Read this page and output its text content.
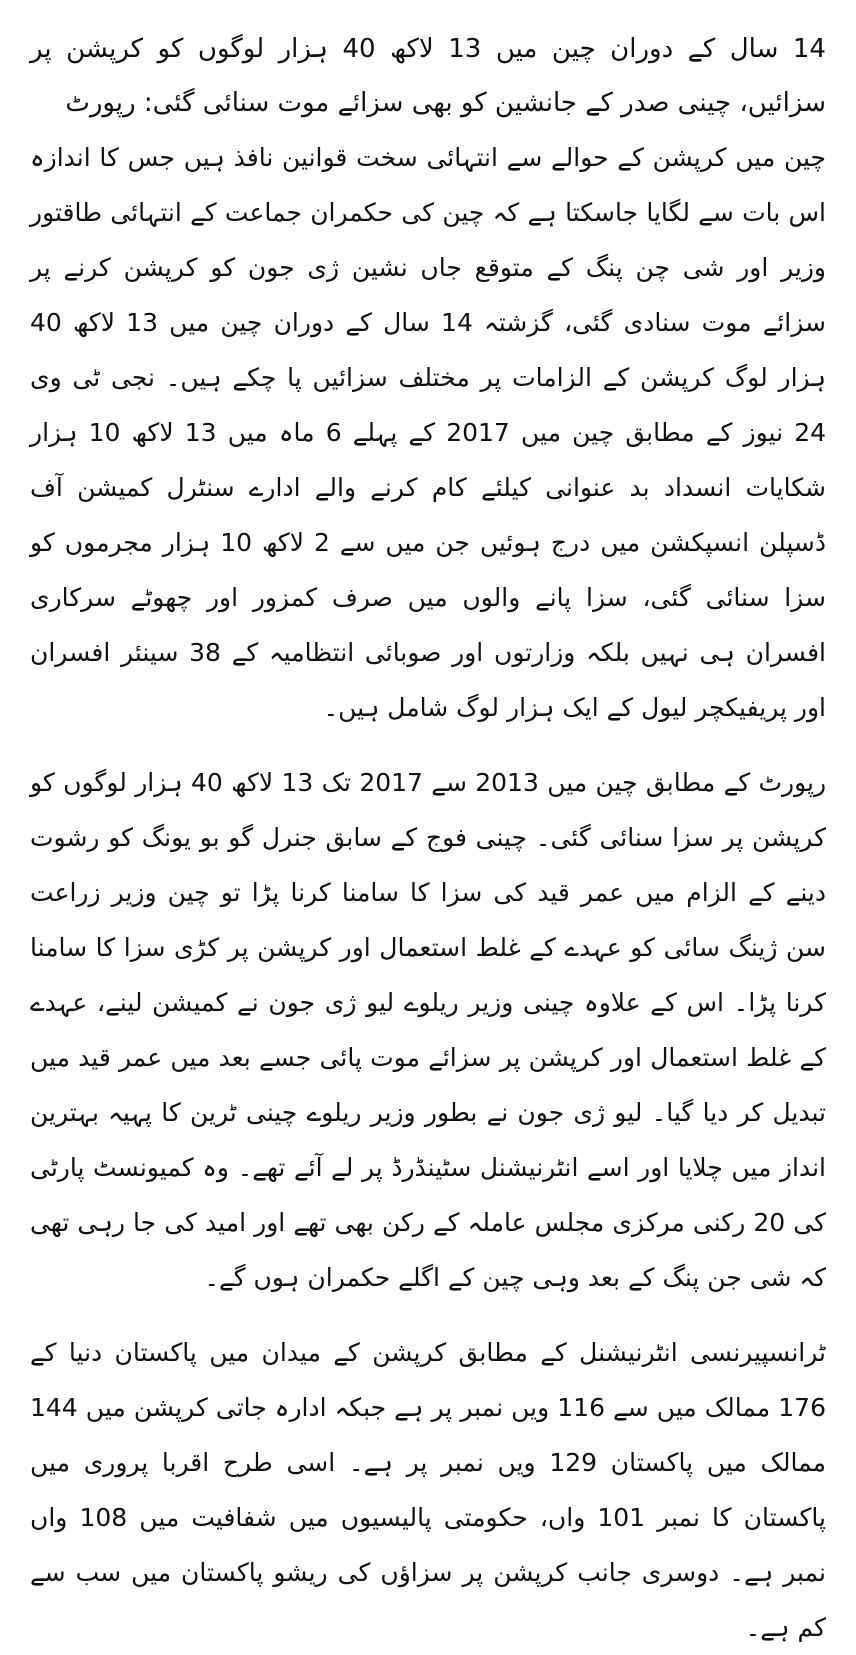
14 سال کے دوران چین میں 13 لاکھ 40 ہزار لوگوں کو کرپشن پر سزائیں، چینی صدر کے جانشین کو بھی سزائے موت سنائی گئی: رپورٹ

چین میں کرپشن کے حوالے سے انتہائی سخت قوانین نافذ ہیں جس کا اندازہ اس بات سے لگایا جاسکتا ہے کہ چین کی حکمران جماعت کے انتہائی طاقتور وزیر اور شی چن پنگ کے متوقع جاں نشین ژی جون کو کرپشن کرنے پر سزائے موت سنادی گئی، گزشتہ 14 سال کے دوران چین میں 13 لاکھ 40 ہزار لوگ کرپشن کے الزامات پر مختلف سزائیں پا چکے ہیں۔ نجی ٹی وی 24 نیوز کے مطابق چین میں 2017 کے پہلے 6 ماہ میں 13 لاکھ 10 ہزار شکایات انسداد بد عنوانی کیلئے کام کرنے والے ادارے سنٹرل کمیشن آف ڈسپلن انسپکشن میں درج ہوئیں جن میں سے 2 لاکھ 10 ہزار مجرموں کو سزا سنائی گئی، سزا پانے والوں میں صرف کمزور اور چھوٹے سرکاری افسران ہی نہیں بلکہ وزارتوں اور صوبائی انتظامیہ کے 38 سینئر افسران اور پریفیکچر لیول کے ایک ہزار لوگ شامل ہیں۔

رپورٹ کے مطابق چین میں 2013 سے 2017 تک 13 لاکھ 40 ہزار لوگوں کو کرپشن پر سزا سنائی گئی۔ چینی فوج کے سابق جنرل گو بو یونگ کو رشوت دینے کے الزام میں عمر قید کی سزا کا سامنا کرنا پڑا تو چین وزیر زراعت سن ژینگ سائی کو عہدے کے غلط استعمال اور کرپشن پر کڑی سزا کا سامنا کرنا پڑا۔ اس کے علاوہ چینی وزیر ریلوے لیو ژی جون نے کمیشن لینے، عہدے کے غلط استعمال اور کرپشن پر سزائے موت پائی جسے بعد میں عمر قید میں تبدیل کر دیا گیا۔ لیو ژی جون نے بطور وزیر ریلوے چینی ٹرین کا پہیہ بہترین انداز میں چلایا اور اسے انٹرنیشنل سٹینڈرڈ پر لے آئے تھے۔ وہ کمیونسٹ پارٹی کی 20 رکنی مرکزی مجلس عاملہ کے رکن بھی تھے اور امید کی جا رہی تھی کہ شی جن پنگ کے بعد وہی چین کے اگلے حکمران ہوں گے۔

ٹرانسپیرنسی انٹرنیشنل کے مطابق کرپشن کے میدان میں پاکستان دنیا کے 176 ممالک میں سے 116 ویں نمبر پر ہے جبکہ ادارہ جاتی کرپشن میں 144 ممالک میں پاکستان 129 ویں نمبر پر ہے۔ اسی طرح اقربا پروری میں پاکستان کا نمبر 101 واں، حکومتی پالیسیوں میں شفافیت میں 108 واں نمبر ہے۔ دوسری جانب کرپشن پر سزاؤں کی ریشو پاکستان میں سب سے کم ہے۔
